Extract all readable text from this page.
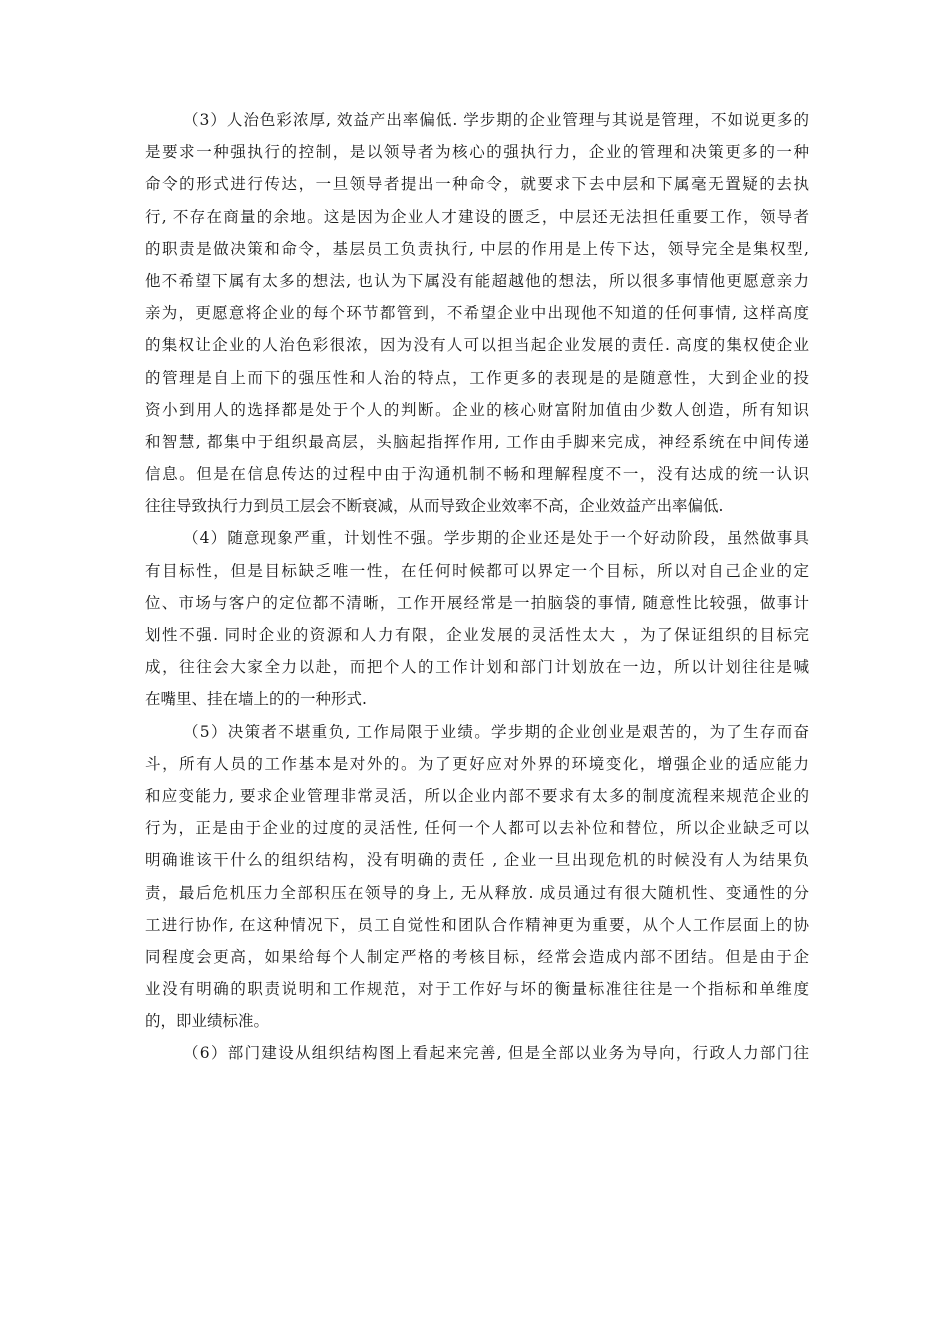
（3）人治色彩浓厚, 效益产出率偏低. 学步期的企业管理与其说是管理，不如说更多的
是要求一种强执行的控制，是以领导者为核心的强执行力，企业的管理和决策更多的一种
命令的形式进行传达，一旦领导者提出一种命令，就要求下去中层和下属毫无置疑的去执
行, 不存在商量的余地。这是因为企业人才建设的匮乏，中层还无法担任重要工作，领导者
的职责是做决策和命令，基层员工负责执行, 中层的作用是上传下达，领导完全是集权型,
他不希望下属有太多的想法, 也认为下属没有能超越他的想法，所以很多事情他更愿意亲力
亲为，更愿意将企业的每个环节都管到，不希望企业中出现他不知道的任何事情, 这样高度
的集权让企业的人治色彩很浓，因为没有人可以担当起企业发展的责任. 高度的集权使企业
的管理是自上而下的强压性和人治的特点，工作更多的表现是的是随意性，大到企业的投
资小到用人的选择都是处于个人的判断。企业的核心财富附加值由少数人创造，所有知识
和智慧, 都集中于组织最高层，头脑起指挥作用, 工作由手脚来完成，神经系统在中间传递
信息。但是在信息传达的过程中由于沟通机制不畅和理解程度不一，没有达成的统一认识
往往导致执行力到员工层会不断衰减，从而导致企业效率不高，企业效益产出率偏低.
（4）随意现象严重，计划性不强。学步期的企业还是处于一个好动阶段，虽然做事具
有目标性，但是目标缺乏唯一性，在任何时候都可以界定一个目标，所以对自己企业的定
位、市场与客户的定位都不清晰，工作开展经常是一拍脑袋的事情, 随意性比较强，做事计
划性不强. 同时企业的资源和人力有限，企业发展的灵活性太大 ，为了保证组织的目标完
成，往往会大家全力以赴，而把个人的工作计划和部门计划放在一边，所以计划往往是喊
在嘴里、挂在墙上的的一种形式.
（5）决策者不堪重负, 工作局限于业绩。学步期的企业创业是艰苦的，为了生存而奋
斗，所有人员的工作基本是对外的。为了更好应对外界的环境变化，增强企业的适应能力
和应变能力, 要求企业管理非常灵活，所以企业内部不要求有太多的制度流程来规范企业的
行为，正是由于企业的过度的灵活性, 任何一个人都可以去补位和替位，所以企业缺乏可以
明确谁该干什么的组织结构，没有明确的责任 , 企业一旦出现危机的时候没有人为结果负
责，最后危机压力全部积压在领导的身上, 无从释放. 成员通过有很大随机性、变通性的分
工进行协作, 在这种情况下，员工自觉性和团队合作精神更为重要，从个人工作层面上的协
同程度会更高，如果给每个人制定严格的考核目标，经常会造成内部不团结。但是由于企
业没有明确的职责说明和工作规范，对于工作好与坏的衡量标准往往是一个指标和单维度
的，即业绩标准。
（6）部门建设从组织结构图上看起来完善, 但是全部以业务为导向，行政人力部门往
